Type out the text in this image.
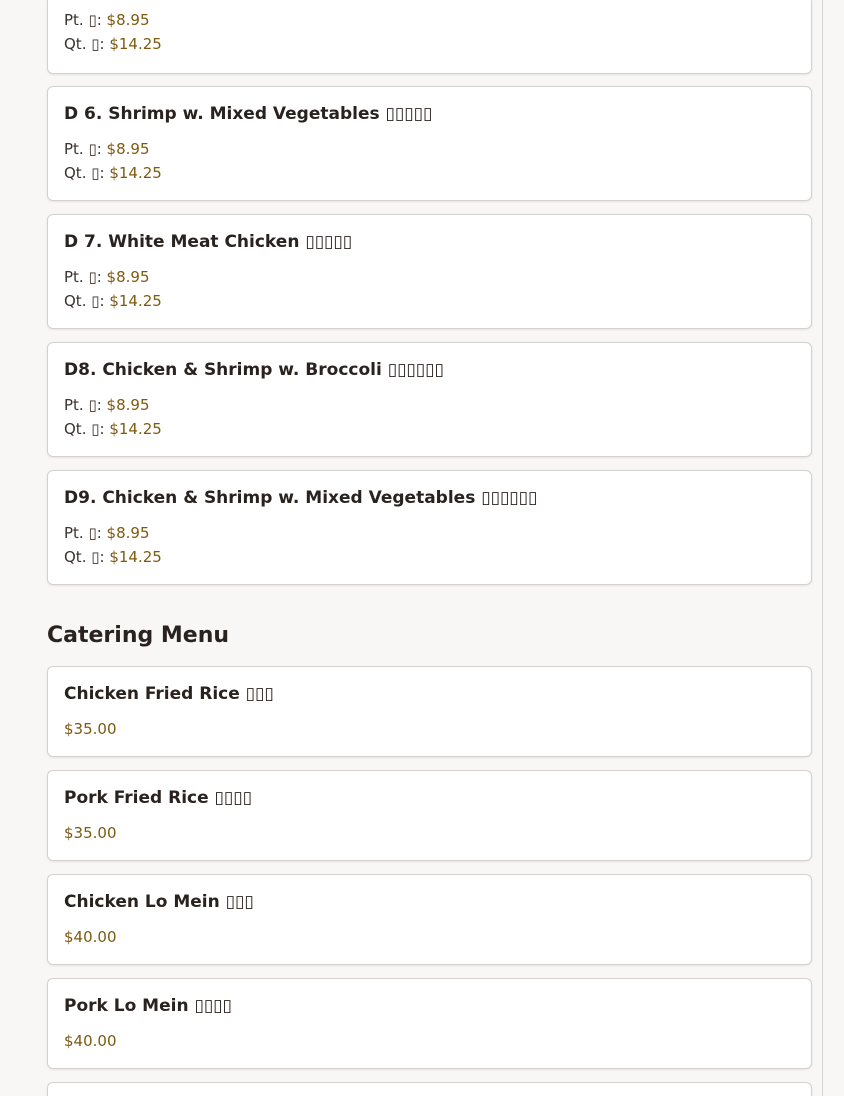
Pt. ▯: $8.95
Qt. ▯: $14.25
D 6. Shrimp w. Mixed Vegetables ▯▯▯▯▯
Pt. ▯: $8.95
Qt. ▯: $14.25
D 7. White Meat Chicken ▯▯▯▯▯
Pt. ▯: $8.95
Qt. ▯: $14.25
D8. Chicken & Shrimp w. Broccoli ▯▯▯▯▯▯
Pt. ▯: $8.95
Qt. ▯: $14.25
D9. Chicken & Shrimp w. Mixed Vegetables ▯▯▯▯▯▯
Pt. ▯: $8.95
Qt. ▯: $14.25
Catering Menu
Chicken Fried Rice ▯▯▯
$35.00
Pork Fried Rice ▯▯▯▯
$35.00
Chicken Lo Mein ▯▯▯
$40.00
Pork Lo Mein ▯▯▯▯
$40.00
